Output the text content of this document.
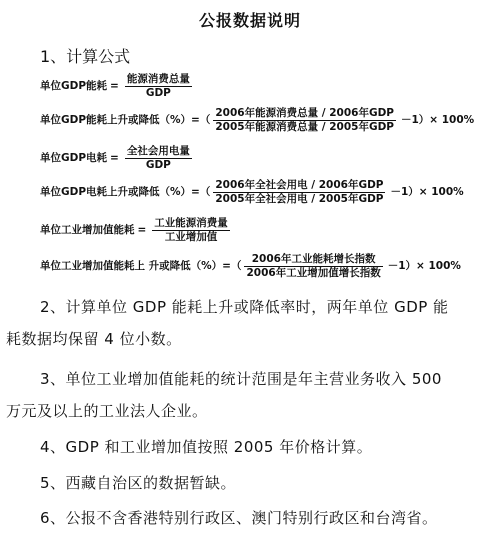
公报数据说明
1、计算公式
单位GDP能耗 = $\frac{\text{能源消费总量}}{\text{GDP}}$
单位GDP能耗上升或降低（%）=（ $\frac{\text{2006年能源消费总量 / 2006年GDP}}{\text{2005年能源消费总量 / 2005年GDP}} -1)\times 100\%$
单位GDP电耗 = $\frac{\text{全社会用电量}}{\text{GDP}}$
单位GDP电耗上升或降低（%）=（ $\frac{\text{2006年全社会用电 / 2006年GDP}}{\text{2005年全社会用电 / 2005年GDP}} -1)\times 100\%$
单位工业增加值能耗 = $\frac{\text{工业能源消费量}}{\text{工业增加值}}$
单位工业增加值能耗上 升或降低（%）=（ $\frac{\text{2006年工业能耗增长指数}}{\text{2006年工业增加值增长指数}} -1)\times 100\%$
2、计算单位 GDP 能耗上升或降低率时，两年单位 GDP 能
耗数据均保留 4 位小数。
3、单位工业增加值能耗的统计范围是年主营业务收入 500
万元及以上的工业法人企业。
4、GDP 和工业增加值按照 2005 年价格计算。
5、西藏自治区的数据暂缺。
6、公报不含香港特别行政区、澳门特别行政区和台湾省。
